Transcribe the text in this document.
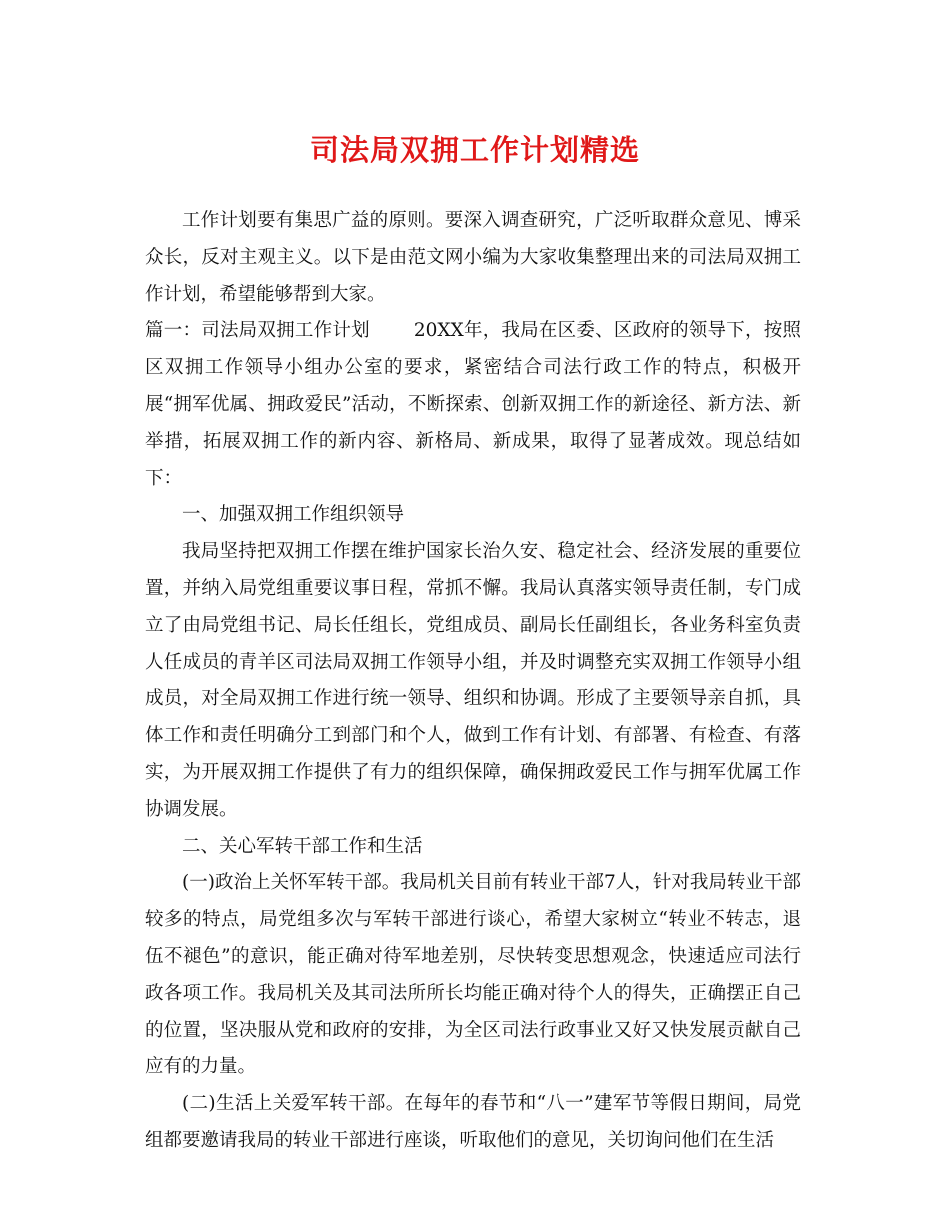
司法局双拥工作计划精选

工作计划要有集思广益的原则。要深入调查研究，广泛听取群众意见、博采众长，反对主观主义。以下是由范文网小编为大家收集整理出来的司法局双拥工作计划，希望能够帮到大家。

篇一：司法局双拥工作计划 20XX年，我局在区委、区政府的领导下，按照区双拥工作领导小组办公室的要求，紧密结合司法行政工作的特点，积极开展“拥军优属、拥政爱民”活动，不断探索、创新双拥工作的新途径、新方法、新举措，拓展双拥工作的新内容、新格局、新成果，取得了显著成效。现总结如下：

一、加强双拥工作组织领导

我局坚持把双拥工作摆在维护国家长治久安、稳定社会、经济发展的重要位置，并纳入局党组重要议事日程，常抓不懈。我局认真落实领导责任制，专门成立了由局党组书记、局长任组长，党组成员、副局长任副组长，各业务科室负责人任成员的青羊区司法局双拥工作领导小组，并及时调整充实双拥工作领导小组成员，对全局双拥工作进行统一领导、组织和协调。形成了主要领导亲自抓，具体工作和责任明确分工到部门和个人，做到工作有计划、有部署、有检查、有落实，为开展双拥工作提供了有力的组织保障，确保拥政爱民工作与拥军优属工作协调发展。

二、关心军转干部工作和生活

(一)政治上关怀军转干部。我局机关目前有转业干部7人，针对我局转业干部较多的特点，局党组多次与军转干部进行谈心，希望大家树立“转业不转志，退伍不褪色”的意识，能正确对待军地差别，尽快转变思想观念，快速适应司法行政各项工作。我局机关及其司法所所长均能正确对待个人的得失，正确摆正自己的位置，坚决服从党和政府的安排，为全区司法行政事业又好又快发展贡献自己应有的力量。

(二)生活上关爱军转干部。在每年的春节和“八一”建军节等假日期间，局党组都要邀请我局的转业干部进行座谈，听取他们的意见，关切询问他们在生活
